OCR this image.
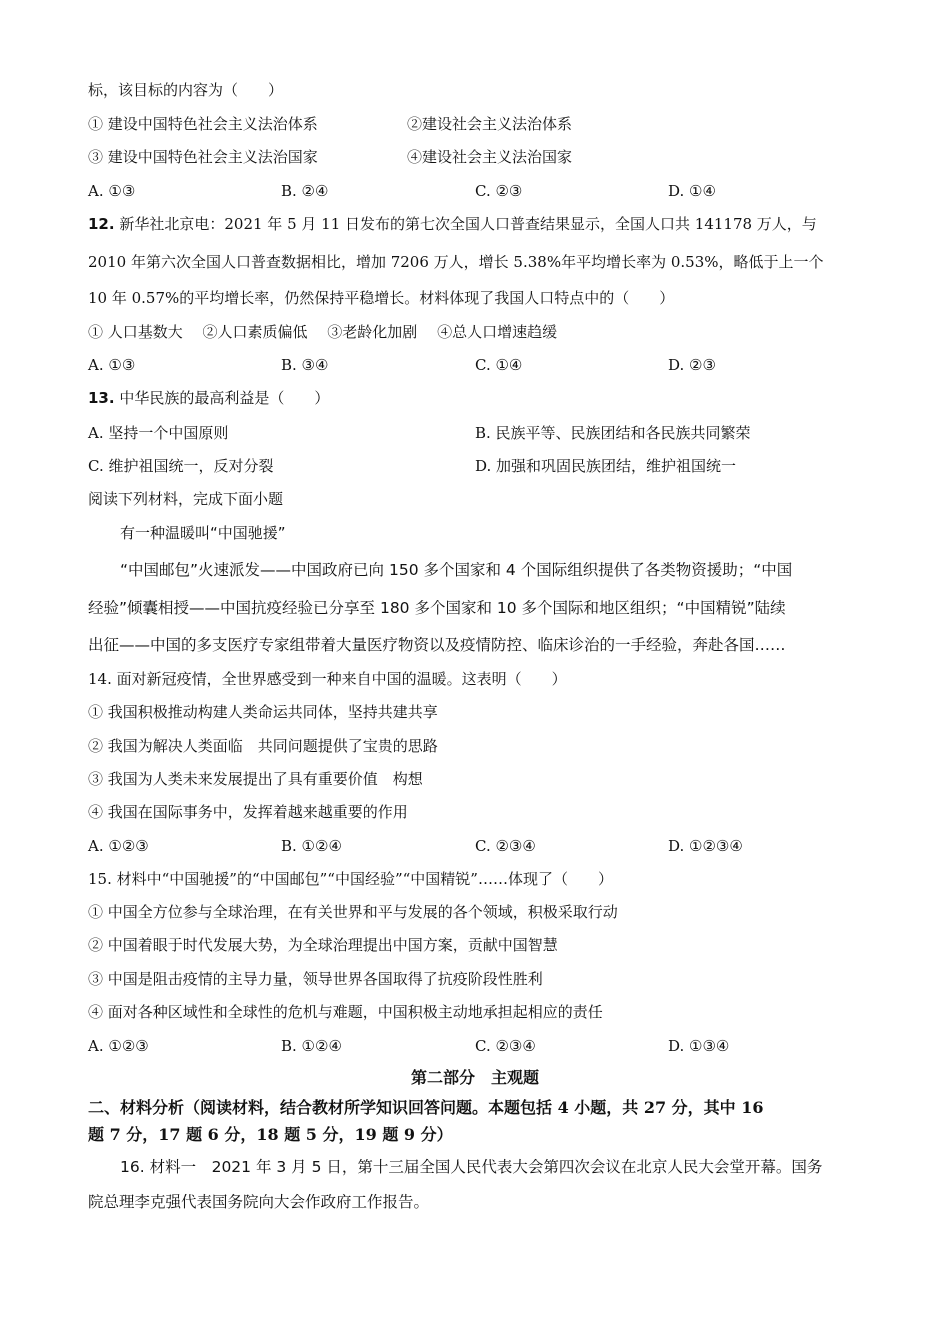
标，该目标的内容为（　　）
① 建设中国特色社会主义法治体系	②建设社会主义法治体系
③ 建设中国特色社会主义法治国家	④建设社会主义法治国家
A. ①③	B. ②④	C. ②③	D. ①④
12. 新华社北京电：2021 年 5 月 11 日发布的第七次全国人口普查结果显示，全国人口共 141178 万人，与
2010 年第六次全国人口普查数据相比，增加 7206 万人，增长 5.38%年平均增长率为 0.53%，略低于上一个
10 年 0.57%的平均增长率，仍然保持平稳增长。材料体现了我国人口特点中的（　　）
① 人口基数大　 ②人口素质偏低　 ③老龄化加剧　 ④总人口增速趋缓
A. ①③	B. ③④	C. ①④	D. ②③
13. 中华民族的最高利益是（　　）
A. 坚持一个中国原则	B. 民族平等、民族团结和各民族共同繁荣
C. 维护祖国统一，反对分裂	D. 加强和巩固民族团结，维护祖国统一
阅读下列材料，完成下面小题
有一种温暖叫“中国驰援”
“中国邮包”火速派发——中国政府已向 150 多个国家和 4 个国际组织提供了各类物资援助；“中国
经验”倾囊相授——中国抗疫经验已分享至 180 多个国家和 10 多个国际和地区组织；“中国精锐”陆续
出征——中国的多支医疗专家组带着大量医疗物资以及疫情防控、临床诊治的一手经验，奔赴各国……
14. 面对新冠疫情，全世界感受到一种来自中国的温暖。这表明（　　）
① 我国积极推动构建人类命运共同体，坚持共建共享
② 我国为解决人类面临　共同问题提供了宝贵的思路
③ 我国为人类未来发展提出了具有重要价值　构想
④ 我国在国际事务中，发挥着越来越重要的作用
A. ①②③	B. ①②④	C. ②③④	D. ①②③④
15. 材料中“中国驰援”的“中国邮包”“中国经验”“中国精锐”……体现了（　　）
① 中国全方位参与全球治理，在有关世界和平与发展的各个领域，积极采取行动
② 中国着眼于时代发展大势，为全球治理提出中国方案，贡献中国智慧
③ 中国是阻击疫情的主导力量，领导世界各国取得了抗疫阶段性胜利
④ 面对各种区域性和全球性的危机与难题，中国积极主动地承担起相应的责任
A. ①②③	B. ①②④	C. ②③④	D. ①③④
第二部分　主观题
二、材料分析（阅读材料，结合教材所学知识回答问题。本题包括 4 小题，共 27 分，其中 16
题 7 分，17 题 6 分，18 题 5 分，19 题 9 分）
16. 材料一　2021 年 3 月 5 日，第十三届全国人民代表大会第四次会议在北京人民大会堂开幕。国务
院总理李克强代表国务院向大会作政府工作报告。
